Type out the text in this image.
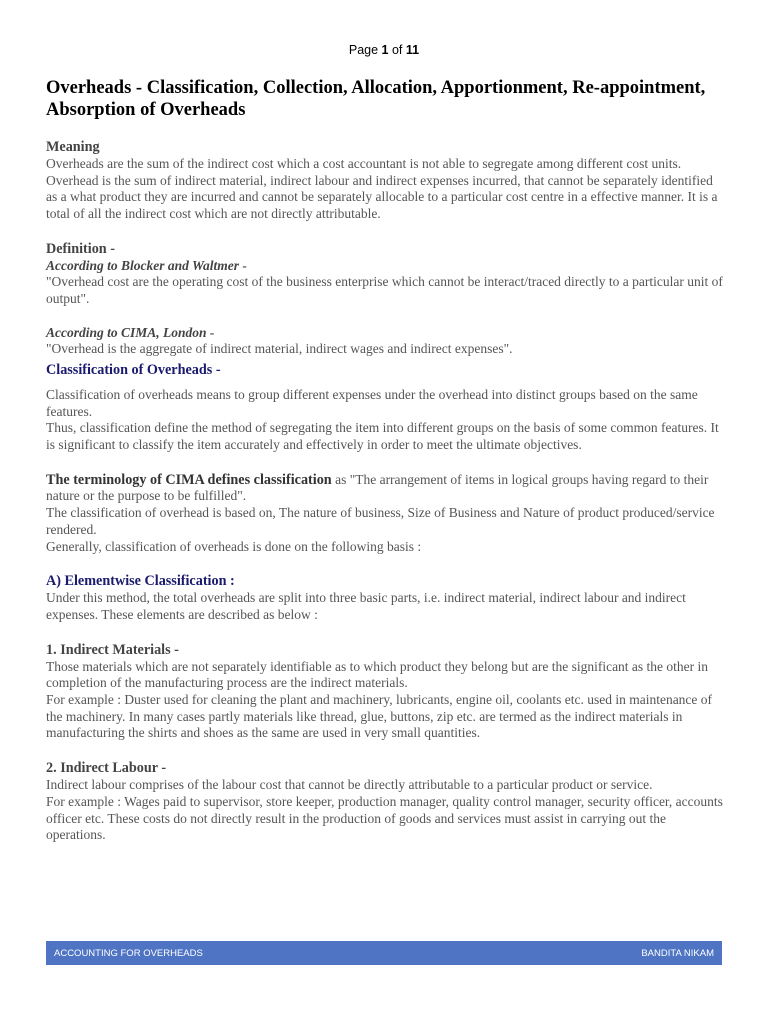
Page 1 of 11
Overheads - Classification, Collection, Allocation, Apportionment, Re-appointment, Absorption of Overheads
Meaning

Overheads are the sum of the indirect cost which a cost accountant is not able to segregate among different cost units. Overhead is the sum of indirect material, indirect labour and indirect expenses incurred, that cannot be separately identified as a what product they are incurred and cannot be separately allocable to a particular cost centre in a effective manner. It is a total of all the indirect cost which are not directly attributable.

Definition -
According to Blocker and Waltmer -

"Overhead cost are the operating cost of the business enterprise which cannot be interact/traced directly to a particular unit of output".

According to CIMA, London -

"Overhead is the aggregate of indirect material, indirect wages and indirect expenses".

Classification of Overheads -

Classification of overheads means to group different expenses under the overhead into distinct groups based on the same features.

Thus, classification define the method of segregating the item into different groups on the basis of some common features. It is significant to classify the item accurately and effectively in order to meet the ultimate objectives.

The terminology of CIMA defines classification as "The arrangement of items in logical groups having regard to their nature or the purpose to be fulfilled".

The classification of overhead is based on, The nature of business, Size of Business and Nature of product produced/service rendered.

Generally, classification of overheads is done on the following basis :

A) Elementwise Classification :

Under this method, the total overheads are split into three basic parts, i.e. indirect material, indirect labour and indirect expenses. These elements are described as below :

1. Indirect Materials -

Those materials which are not separately identifiable as to which product they belong but are the significant as the other in completion of the manufacturing process are the indirect materials.

For example : Duster used for cleaning the plant and machinery, lubricants, engine oil, coolants etc. used in maintenance of the machinery. In many cases partly materials like thread, glue, buttons, zip etc. are termed as the indirect materials in manufacturing the shirts and shoes as the same are used in very small quantities.

2. Indirect Labour -

Indirect labour comprises of the labour cost that cannot be directly attributable to a particular product or service.

For example : Wages paid to supervisor, store keeper, production manager, quality control manager, security officer, accounts officer etc. These costs do not directly result in the production of goods and services must assist in carrying out the operations.

ACCOUNTING FOR OVERHEADS	BANDITA NIKAM
